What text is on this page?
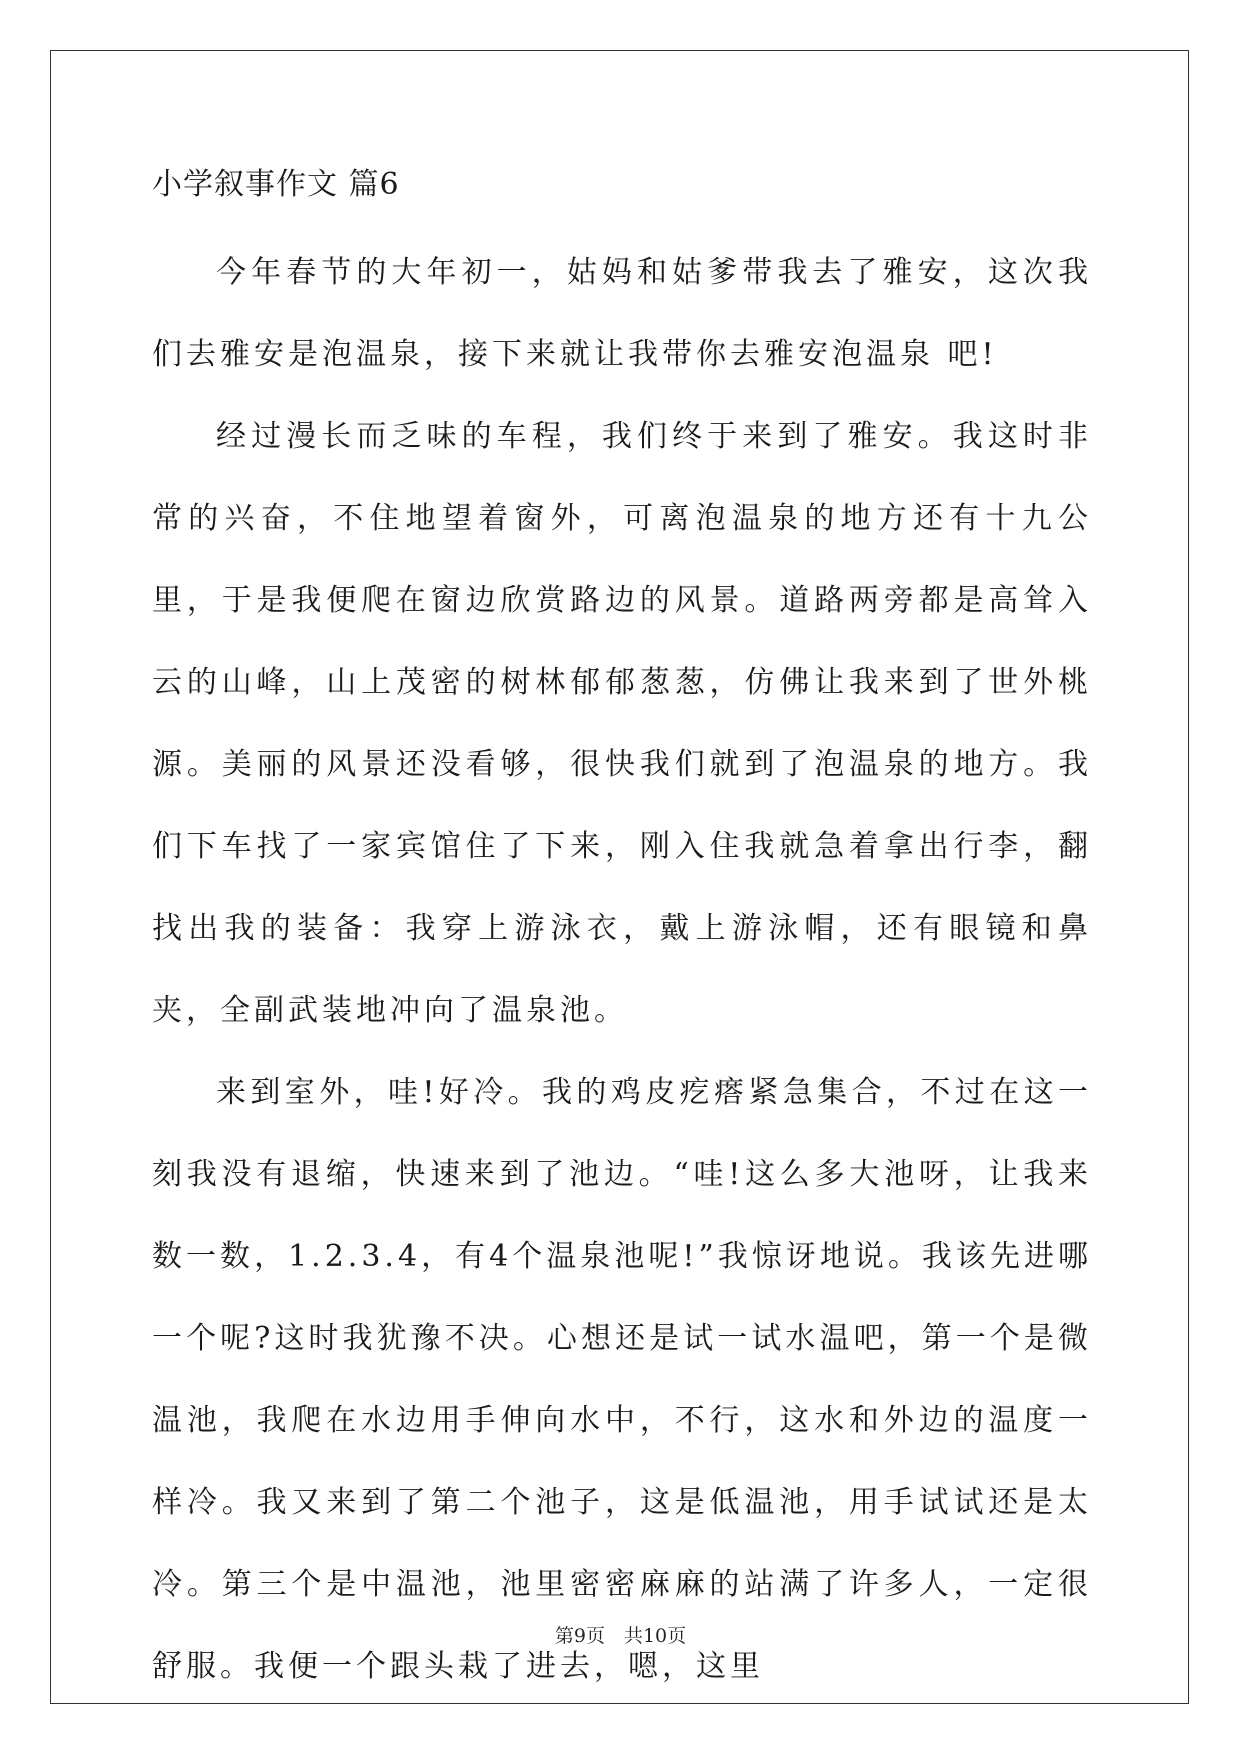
小学叙事作文 篇6

今年春节的大年初一，姑妈和姑爹带我去了雅安，这次我们去雅安是泡温泉，接下来就让我带你去雅安泡温泉 吧!

经过漫长而乏味的车程，我们终于来到了雅安。我这时非常的兴奋，不住地望着窗外，可离泡温泉的地方还有十九公里，于是我便爬在窗边欣赏路边的风景。道路两旁都是高耸入云的山峰，山上茂密的树林郁郁葱葱，仿佛让我来到了世外桃源。美丽的风景还没看够，很快我们就到了泡温泉的地方。我们下车找了一家宾馆住了下来，刚入住我就急着拿出行李，翻找出我的装备：我穿上游泳衣，戴上游泳帽，还有眼镜和鼻夹，全副武装地冲向了温泉池。

来到室外，哇!好冷。我的鸡皮疙瘩紧急集合，不过在这一刻我没有退缩，快速来到了池边。“哇!这么多大池呀，让我来数一数，1.2.3.4，有4个温泉池呢!”我惊讶地说。我该先进哪一个呢?这时我犹豫不决。心想还是试一试水温吧，第一个是微温池，我爬在水边用手伸向水中，不行，这水和外边的温度一样冷。我又来到了第二个池子，这是低温池，用手试试还是太冷。第三个是中温池，池里密密麻麻的站满了许多人，一定很舒服。我便一个跟头栽了进去，嗯，这里

第9页　共10页
